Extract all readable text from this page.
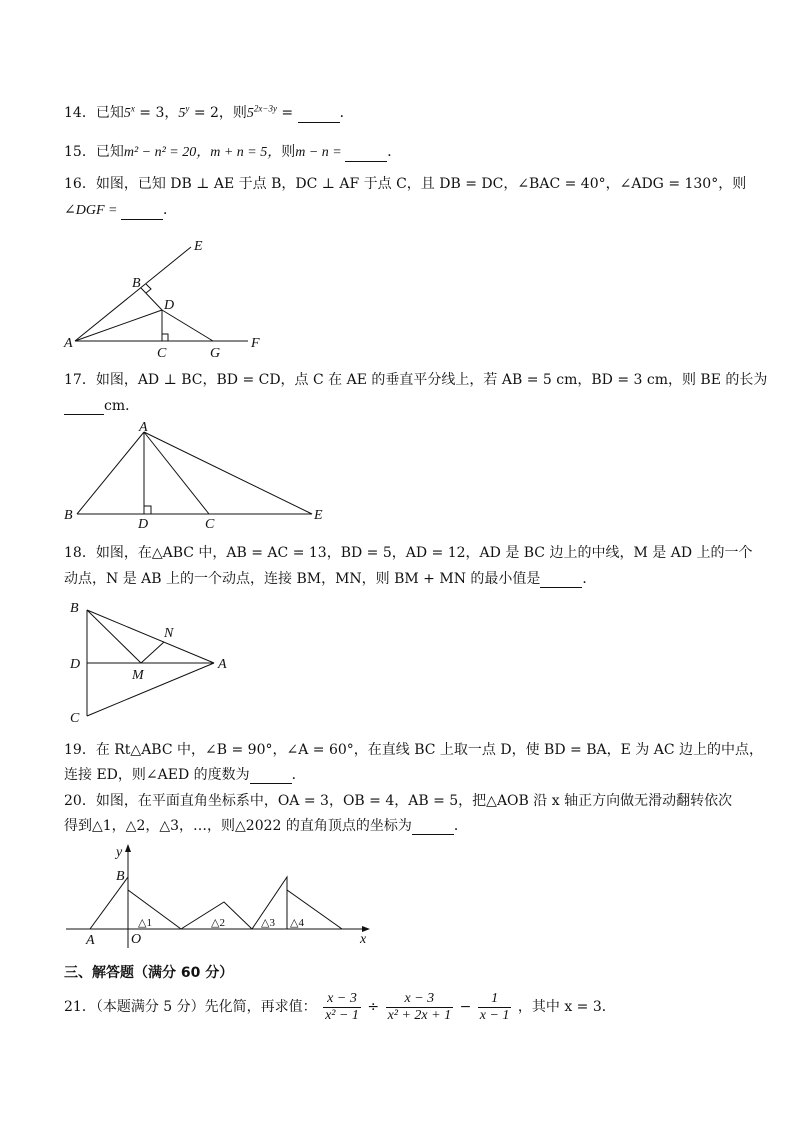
14．已知$5^x = 3$，$5^y = 2$，则$5^{2x-3y}$ =	．
15．已知m² − n² = 20，m + n = 5，则m − n =	．
16．如图，已知 DB ⊥ AE 于点 B，DC ⊥ AF 于点 C，且 DB = DC，∠BAC = 40°，∠ADG = 130°，则
∠DGF =	．
E
B
D
A
C	G
F
17．如图，AD ⊥ BC，BD = CD，点 C 在 AE 的垂直平分线上，若 AB = 5 cm，BD = 3 cm，则 BE 的长为
cm．
A
B
D	C
E
18．如图，在△ABC 中，AB = AC = 13，BD = 5，AD = 12，AD 是 BC 边上的中线，M 是 AD 上的一个
动点，N 是 AB 上的一个动点，连接 BM，MN，则 BM + MN 的最小值是	．
B
N
D	A
M
C
19．在 Rt△ABC 中，∠B = 90°，∠A = 60°，在直线 BC 上取一点 D，使 BD = BA，E 为 AC 边上的中点，
连接 ED，则∠AED 的度数为	．
20．如图，在平面直角坐标系中，OA = 3，OB = 4，AB = 5，把△AOB 沿 x 轴正方向做无滑动翻转依次
得到△1，△2，△3，…，则△2022 的直角顶点的坐标为	．
y
B
A	O	x
△1	△2	△3 △4
三、解答题（满分 60 分）
21．（本题满分 5 分）先化简，再求值： $\frac{x - 3}{\text{x² − 1}} \div \frac{x - 3}{\text{x² + 2x + 1}} - \frac{1}{x - 1}$ ，其中 x = 3．
